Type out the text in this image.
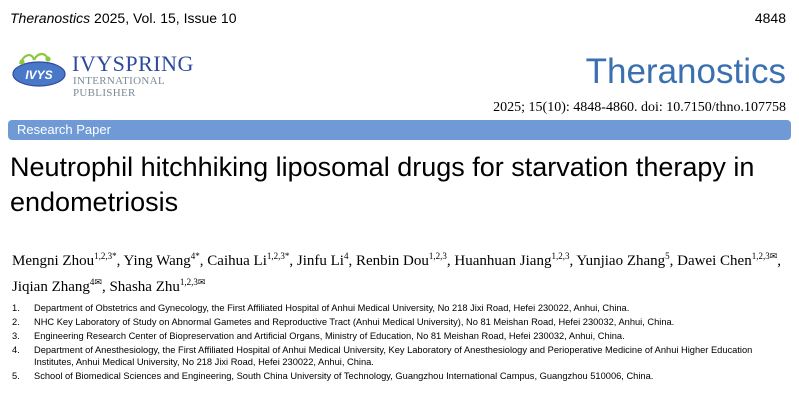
Theranostics 2025, Vol. 15, Issue 10	4848
IVYS IVYSPRING
INTERNATIONAL PUBLISHER
Theranostics
2025; 15(10): 4848-4860. doi: 10.7150/thno.107758
Research Paper
Neutrophil hitchhiking liposomal drugs for starvation therapy in endometriosis
Mengni Zhou$^{1,2,3*}$, Ying Wang$^{4*}$, Caihua $Li^{1,2,3*}$, Jinfu Li$^4$, Renbin Dou$^{1,2,3}$, Huanhuan Jiang$^{1,2,3}$, Yunjiao Zhang$^5$, Dawei Chen$^{1,2,3✉}$, Jiqian Zhang$^{4✉}$, Shasha Zhu$^{1,2,3✉}$
1. Department of Obstetrics and Gynecology, the First Affiliated Hospital of Anhui Medical University, No 218 Jixi Road, Hefei 230022, Anhui, China.
2. NHC Key Laboratory of Study on Abnormal Gametes and Reproductive Tract (Anhui Medical University), No 81 Meishan Road, Hefei 230032, Anhui, China.
3. Engineering Research Center of Biopreservation and Artificial Organs, Ministry of Education, No 81 Meishan Road, Hefei 230032, Anhui, China.
4. Department of Anesthesiology, the First Affiliated Hospital of Anhui Medical University, Key Laboratory of Anesthesiology and Perioperative Medicine of Anhui Higher Education Institutes, Anhui Medical University, No 218 Jixi Road, Hefei 230022, Anhui, China.
5. School of Biomedical Sciences and Engineering, South China University of Technology, Guangzhou International Campus, Guangzhou 510006, China.
